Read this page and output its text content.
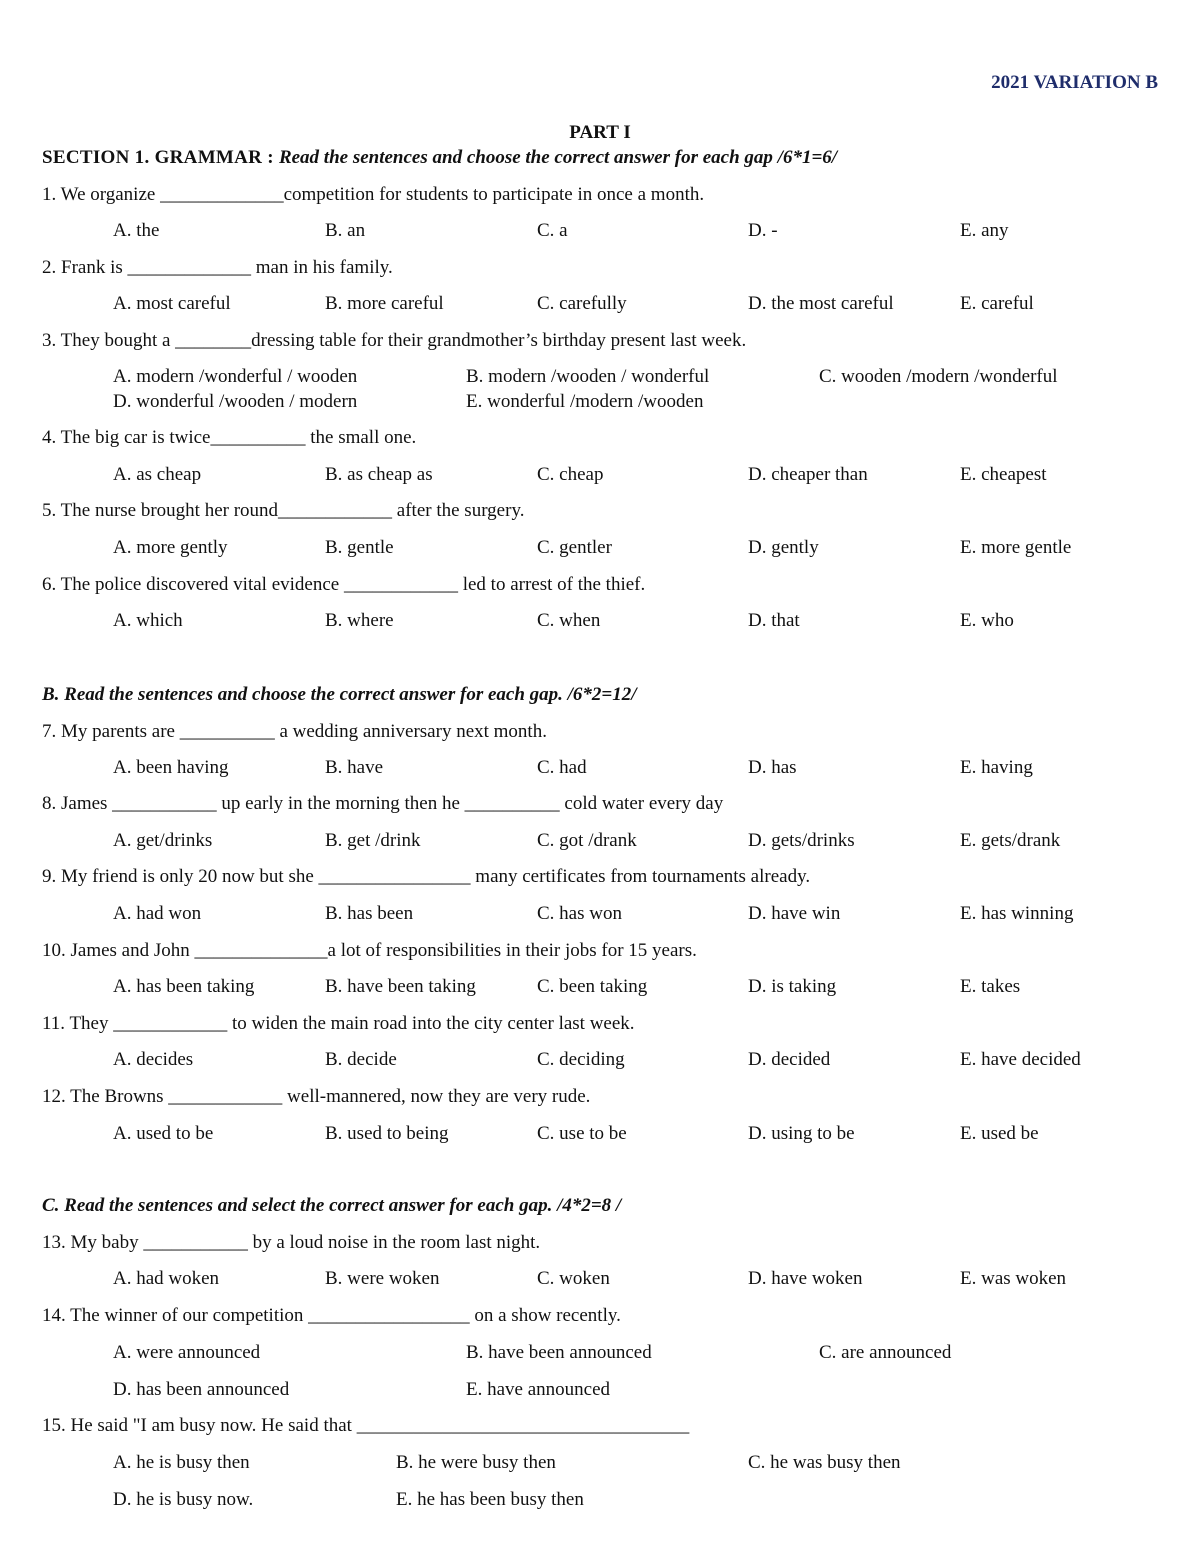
2021 VARIATION B
PART I
SECTION 1. GRAMMAR : Read the sentences and choose the correct answer for each gap /6*1=6/
1. We organize _____________competition for students to participate in once a month.
A. the	B. an	C. a	D. -	E. any
2. Frank is _____________ man in his family.
A. most careful	B. more careful	C. carefully	D. the most careful	E. careful
3. They bought a ________dressing table for their grandmother’s birthday present last week.
A. modern /wonderful / wooden	B. modern /wooden / wonderful	C. wooden /modern /wonderful
D. wonderful /wooden / modern	E. wonderful /modern /wooden
4. The big car is twice__________ the small one.
A. as cheap	B. as cheap as	C. cheap	D. cheaper than	E. cheapest
5. The nurse brought her round____________ after the surgery.
A. more gently	B. gentle	C. gentler	D. gently	E. more gentle
6. The police discovered vital evidence ____________ led to arrest of the thief.
A. which	B. where	C. when	D. that	E. who
B. Read the sentences and choose the correct answer for each gap. /6*2=12/
7. My parents are __________ a wedding anniversary next month.
A. been having	B. have	C. had	D. has	E. having
8. James ___________ up early in the morning then he __________ cold water every day
A. get/drinks	B. get /drink	C. got /drank	D. gets/drinks	E. gets/drank
9. My friend is only 20 now but she ________________ many certificates from tournaments already.
A. had won	B. has been	C. has won	D. have win	E. has winning
10. James and John ______________a lot of responsibilities in their jobs for 15 years.
A. has been taking	B. have been taking	C. been taking	D. is taking	E. takes
11. They ____________ to widen the main road into the city center last week.
A. decides	B. decide	C. deciding	D. decided	E. have decided
12. The Browns ____________ well-mannered, now they are very rude.
A. used to be	B. used to being	C. use to be	D. using to be	E. used be
C. Read the sentences and select the correct answer for each gap. /4*2=8 /
13. My baby ___________ by a loud noise in the room last night.
A. had woken	B. were woken	C. woken	D. have woken	E. was woken
14. The winner of our competition _________________ on a show recently.
A. were announced	B. have been announced	C. are announced
D. has been announced	E. have announced
15. He said "I am busy now. He said that ___________________________________
A. he is busy then	B. he were busy then	C. he was busy then
D. he is busy now.	E. he has been busy then
